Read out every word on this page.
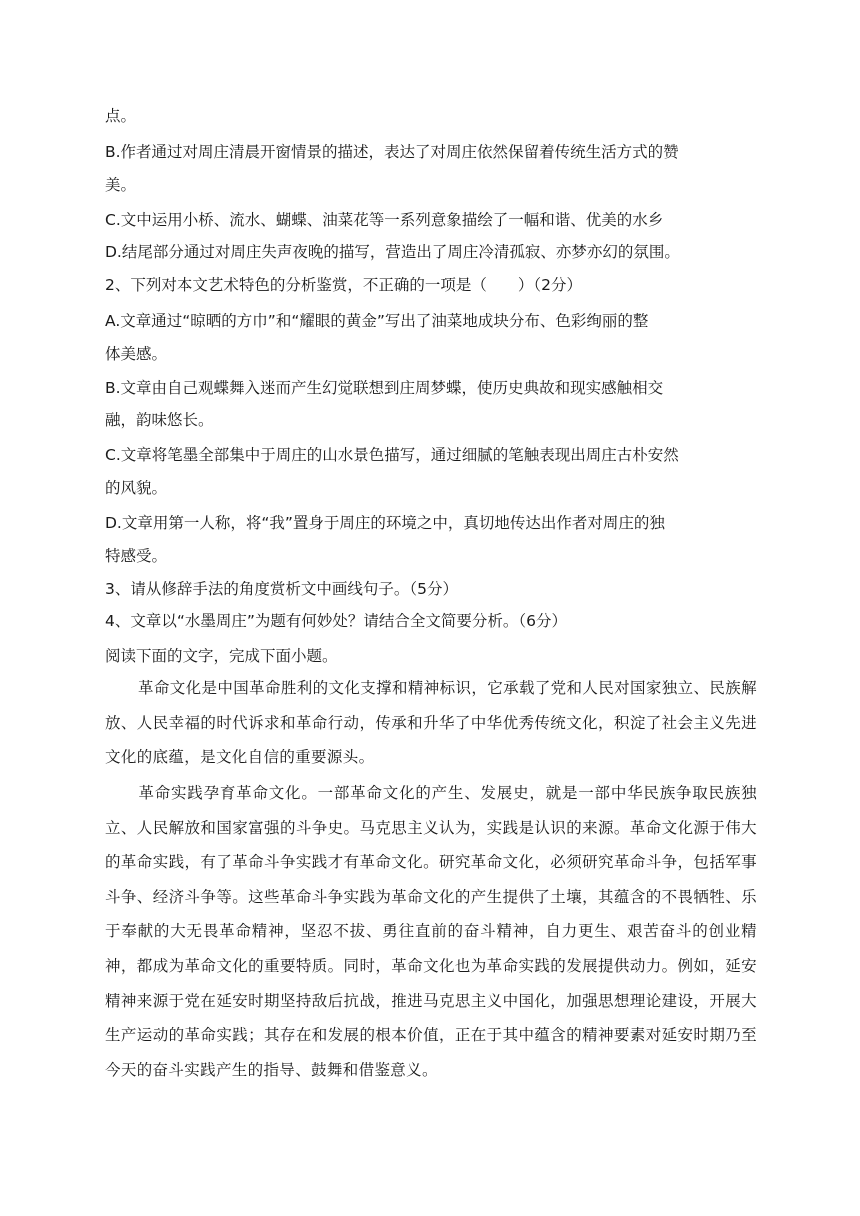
点。
B.作者通过对周庄清晨开窗情景的描述，表达了对周庄依然保留着传统生活方式的赞
美。
C.文中运用小桥、流水、蝴蝶、油菜花等一系列意象描绘了一幅和谐、优美的水乡
D.结尾部分通过对周庄失声夜晚的描写，营造出了周庄冷清孤寂、亦梦亦幻的氛围。
2、下列对本文艺术特色的分析鉴赏，不正确的一项是（　　）（2分）
A.文章通过“晾晒的方巾”和“耀眼的黄金”写出了油菜地成块分布、色彩绚丽的整
体美感。
B.文章由自己观蝶舞入迷而产生幻觉联想到庄周梦蝶，使历史典故和现实感触相交
融，韵味悠长。
C.文章将笔墨全部集中于周庄的山水景色描写，通过细腻的笔触表现出周庄古朴安然
的风貌。
D.文章用第一人称，将“我”置身于周庄的环境之中，真切地传达出作者对周庄的独
特感受。
3、请从修辞手法的角度赏析文中画线句子。（5分）
4、文章以“水墨周庄”为题有何妙处？请结合全文简要分析。（6分）
阅读下面的文字，完成下面小题。
革命文化是中国革命胜利的文化支撑和精神标识，它承载了党和人民对国家独立、民族解放、人民幸福的时代诉求和革命行动，传承和升华了中华优秀传统文化，积淀了社会主义先进文化的底蕴，是文化自信的重要源头。
革命实践孕育革命文化。一部革命文化的产生、发展史，就是一部中华民族争取民族独立、人民解放和国家富强的斗争史。马克思主义认为，实践是认识的来源。革命文化源于伟大的革命实践，有了革命斗争实践才有革命文化。研究革命文化，必须研究革命斗争，包括军事斗争、经济斗争等。这些革命斗争实践为革命文化的产生提供了土壤，其蕴含的不畏牺牲、乐于奉献的大无畏革命精神，坚忍不拔、勇往直前的奋斗精神，自力更生、艰苦奋斗的创业精神，都成为革命文化的重要特质。同时，革命文化也为革命实践的发展提供动力。例如，延安精神来源于党在延安时期坚持敌后抗战，推进马克思主义中国化，加强思想理论建设，开展大生产运动的革命实践；其存在和发展的根本价值，正在于其中蕴含的精神要素对延安时期乃至今天的奋斗实践产生的指导、鼓舞和借鉴意义。
